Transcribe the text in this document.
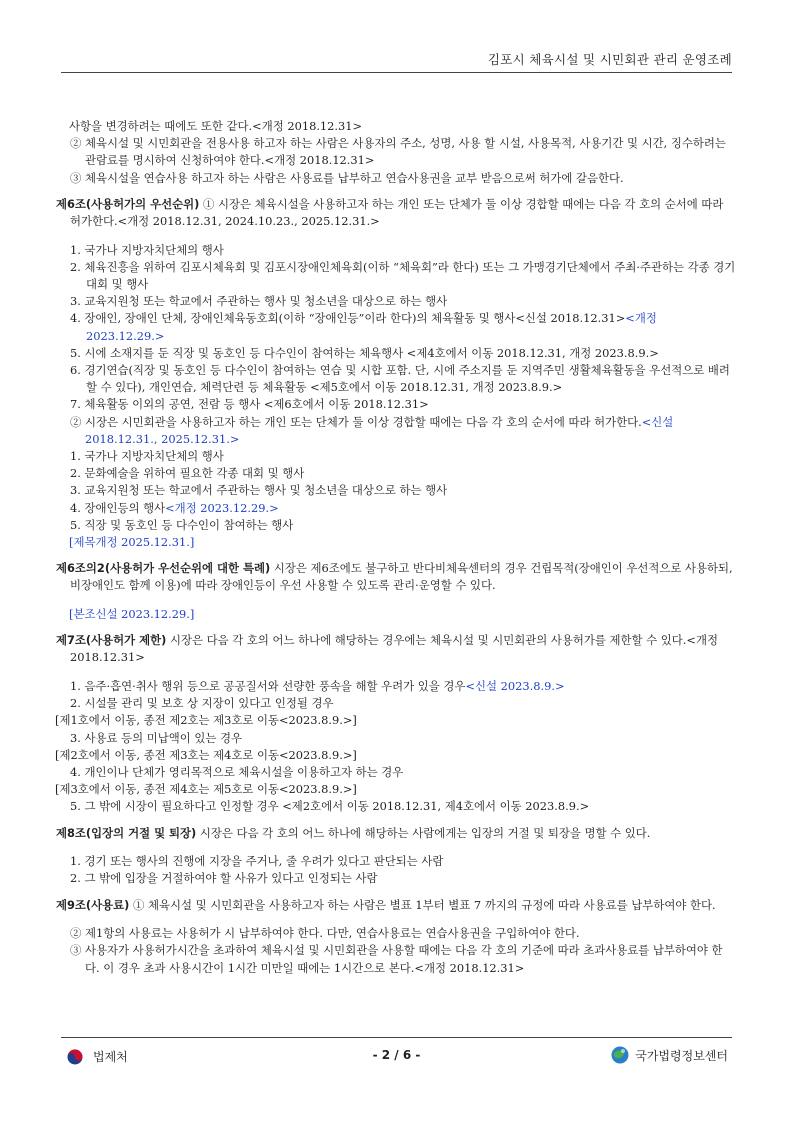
김포시 체육시설 및 시민회관 관리 운영조례

사항을 변경하려는 때에도 또한 같다.<개정 2018.12.31>

② 체육시설 및 시민회관을 전용사용 하고자 하는 사람은 사용자의 주소, 성명, 사용 할 시설, 사용목적, 사용기간 및 시간, 징수하려는 관람료를 명시하여 신청하여야 한다.<개정 2018.12.31>

③ 체육시설을 연습사용 하고자 하는 사람은 사용료를 납부하고 연습사용권을 교부 받음으로써 허가에 갈음한다.

제6조(사용허가의 우선순위) ① 시장은 체육시설을 사용하고자 하는 개인 또는 단체가 둘 이상 경합할 때에는 다음 각 호의 순서에 따라 허가한다.<개정 2018.12.31, 2024.10.23., 2025.12.31.>

1. 국가나 지방자치단체의 행사

2. 체육진흥을 위하여 김포시체육회 및 김포시장애인체육회(이하 “체육회”라 한다) 또는 그 가맹경기단체에서 주최·주관하는 각종 경기대회 및 행사

3. 교육지원청 또는 학교에서 주관하는 행사 및 청소년을 대상으로 하는 행사

4. 장애인, 장애인 단체, 장애인체육동호회(이하 “장애인등”이라 한다)의 체육활동 및 행사<신설 2018.12.31><개정 2023.12.29.>

5. 시에 소재지를 둔 직장 및 동호인 등 다수인이 참여하는 체육행사 <제4호에서 이동 2018.12.31, 개정 2023.8.9.>

6. 경기연습(직장 및 동호인 등 다수인이 참여하는 연습 및 시합 포함. 단, 시에 주소지를 둔 지역주민 생활체육활동을 우선적으로 배려할 수 있다), 개인연습, 체력단련 등 체육활동 <제5호에서 이동 2018.12.31, 개정 2023.8.9.>

7. 체육활동 이외의 공연, 전람 등 행사 <제6호에서 이동 2018.12.31>

② 시장은 시민회관을 사용하고자 하는 개인 또는 단체가 둘 이상 경합할 때에는 다음 각 호의 순서에 따라 허가한다.<신설 2018.12.31., 2025.12.31.>

1. 국가나 지방자치단체의 행사

2. 문화예술을 위하여 필요한 각종 대회 및 행사

3. 교육지원청 또는 학교에서 주관하는 행사 및 청소년을 대상으로 하는 행사

4. 장애인등의 행사<개정 2023.12.29.>

5. 직장 및 동호인 등 다수인이 참여하는 행사

[제목개정 2025.12.31.]

제6조의2(사용허가 우선순위에 대한 특례) 시장은 제6조에도 불구하고 반다비체육센터의 경우 건립목적(장애인이 우선적으로 사용하되, 비장애인도 함께 이용)에 따라 장애인등이 우선 사용할 수 있도록 관리·운영할 수 있다.

[본조신설 2023.12.29.]

제7조(사용허가 제한) 시장은 다음 각 호의 어느 하나에 해당하는 경우에는 체육시설 및 시민회관의 사용허가를 제한할 수 있다.<개정 2018.12.31>

1. 음주·흡연·취사 행위 등으로 공공질서와 선량한 풍속을 해할 우려가 있을 경우<신설 2023.8.9.>

2. 시설물 관리 및 보호 상 지장이 있다고 인정될 경우

[제1호에서 이동, 종전 제2호는 제3호로 이동<2023.8.9.>]

3. 사용료 등의 미납액이 있는 경우

[제2호에서 이동, 종전 제3호는 제4호로 이동<2023.8.9.>]

4. 개인이나 단체가 영리목적으로 체육시설을 이용하고자 하는 경우

[제3호에서 이동, 종전 제4호는 제5호로 이동<2023.8.9.>]

5. 그 밖에 시장이 필요하다고 인정할 경우 <제2호에서 이동 2018.12.31, 제4호에서 이동 2023.8.9.>

제8조(입장의 거절 및 퇴장) 시장은 다음 각 호의 어느 하나에 해당하는 사람에게는 입장의 거절 및 퇴장을 명할 수 있다.

1. 경기 또는 행사의 진행에 지장을 주거나, 줄 우려가 있다고 판단되는 사람

2. 그 밖에 입장을 거절하여야 할 사유가 있다고 인정되는 사람

제9조(사용료) ① 체육시설 및 시민회관을 사용하고자 하는 사람은 별표 1부터 별표 7 까지의 규정에 따라 사용료를 납부하여야 한다.

② 제1항의 사용료는 사용허가 시 납부하여야 한다. 다만, 연습사용료는 연습사용권을 구입하여야 한다.

③ 사용자가 사용허가시간을 초과하여 체육시설 및 시민회관을 사용할 때에는 다음 각 호의 기준에 따라 초과사용료를 납부하여야 한다. 이 경우 초과 사용시간이 1시간 미만일 때에는 1시간으로 본다.<개정 2018.12.31>

법제처	- 2 / 6 -	국가법령정보센터
